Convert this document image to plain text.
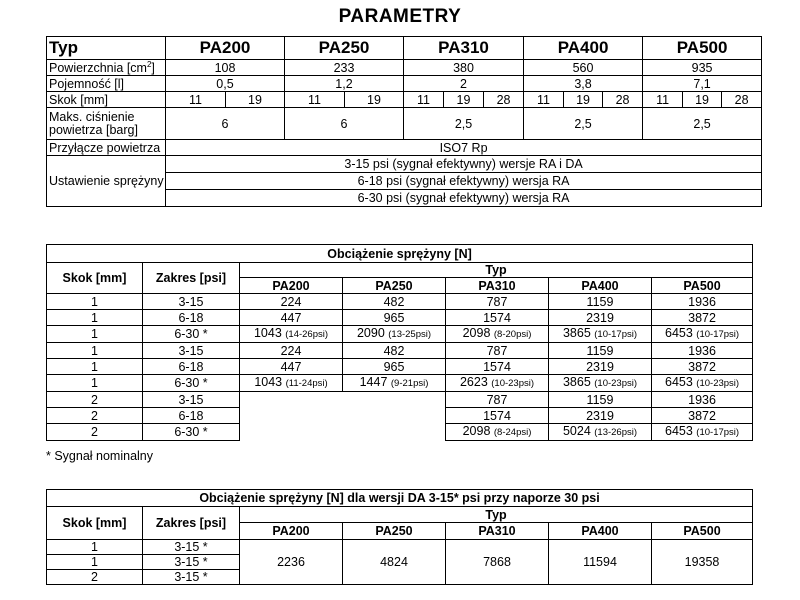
PARAMETRY
Typ	PA200		PA250		PA310			PA400			PA500		
Powierzchnia $[cm^2]$	108		233		380			560			935		
Pojemność [l]	0,5		1,2		2			3,8			7,1		
Skok [mm]	11	19	11	19	11	19	28	11	19	28	11	19	28
Maks. ciśnienie
powietrza [barg]	6		6		2,5			2,5			2,5		
Przyłącze powietrza	ISO7 Rp												
	3-15 psi (sygnał efektywny) wersje RA i DA												
Ustawienie sprężyny	6-18 psi (sygnał efektywny) wersja RA												
	6-30 psi (sygnał efektywny) wersja RA												
Obciążenie sprężyny [N]						
Skok [mm]	Zakres [psi]	Typ				
		PA200	PA250	PA310	PA400	PA500
1	3-15	224	482	787	1159	1936
1	6-18	447	965	1574	2319	3872
1	6-30 *	1043 (14-26psi)	2090 (13-25psi)	2098 (8-20psi)	3865 (10-17psi)	6453 (10-17psi)
1	3-15	224	482	787	1159	1936
1	6-18	447	965	1574	2319	3872
1	6-30 *	1043 (11-24psi)	1447 (9-21psi)	2623 (10-23psi)	3865 (10-23psi)	6453 (10-23psi)
2	3-15			787	1159	1936
2	6-18			1574	2319	3872
2	6-30 *			2098 (8-24psi)	5024 (13-26psi)	6453 (10-17psi)
* Sygnał nominalny
Obciążenie sprężyny [N] dla wersji DA 3-15* psi przy naporze 30 psi						
Skok [mm]	Zakres [psi]	Typ				
		PA200	PA250	PA310	PA400	PA500
1	3-15 *	2236	4824	7868	11594	19358
1	3-15 *					
2	3-15 *					
